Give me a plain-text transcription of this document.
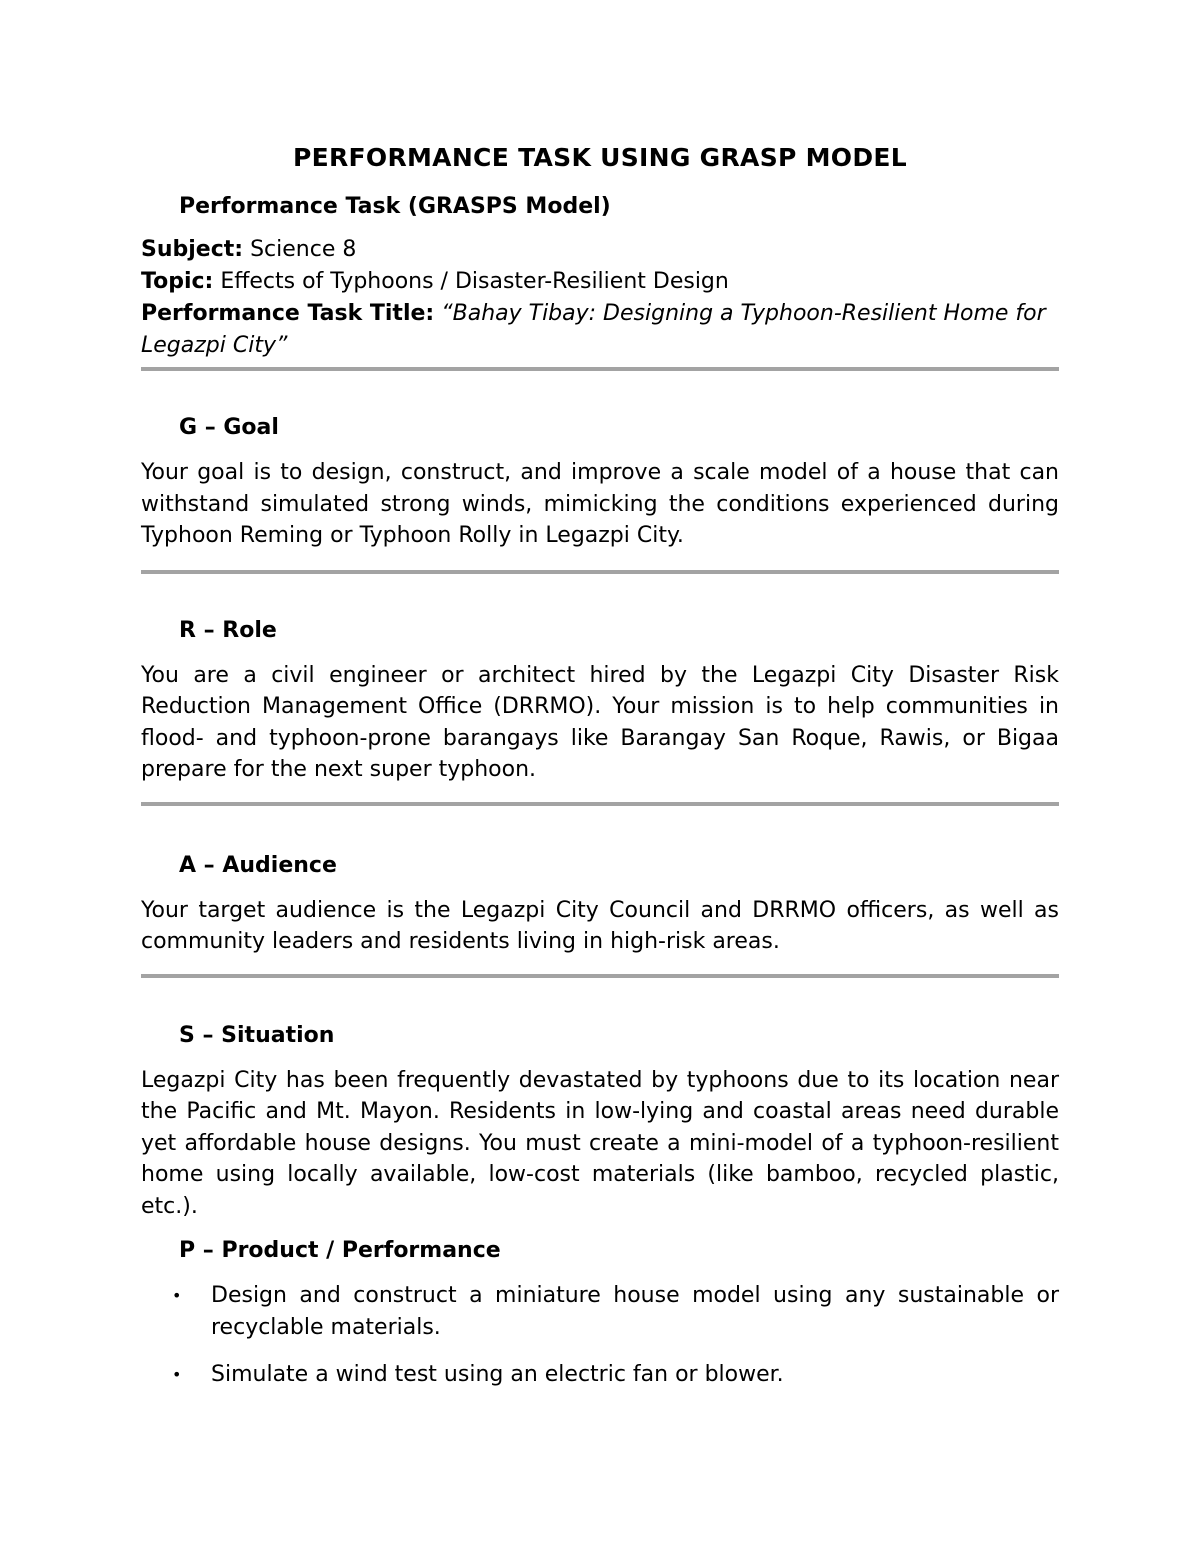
PERFORMANCE TASK USING GRASP MODEL
Performance Task (GRASPS Model)
Subject: Science 8
Topic: Effects of Typhoons / Disaster-Resilient Design
Performance Task Title: “Bahay Tibay: Designing a Typhoon-Resilient Home for Legazpi City”
G – Goal

Your goal is to design, construct, and improve a scale model of a house that can withstand simulated strong winds, mimicking the conditions experienced during Typhoon Reming or Typhoon Rolly in Legazpi City.

R – Role

You are a civil engineer or architect hired by the Legazpi City Disaster Risk Reduction Management Office (DRRMO). Your mission is to help communities in flood- and typhoon-prone barangays like Barangay San Roque, Rawis, or Bigaa prepare for the next super typhoon.

A – Audience

Your target audience is the Legazpi City Council and DRRMO officers, as well as community leaders and residents living in high-risk areas.

S – Situation

Legazpi City has been frequently devastated by typhoons due to its location near the Pacific and Mt. Mayon. Residents in low-lying and coastal areas need durable yet affordable house designs. You must create a mini-model of a typhoon-resilient home using locally available, low-cost materials (like bamboo, recycled plastic, etc.).

P – Product / Performance
• Design and construct a miniature house model using any sustainable or recyclable materials.
• Simulate a wind test using an electric fan or blower.
